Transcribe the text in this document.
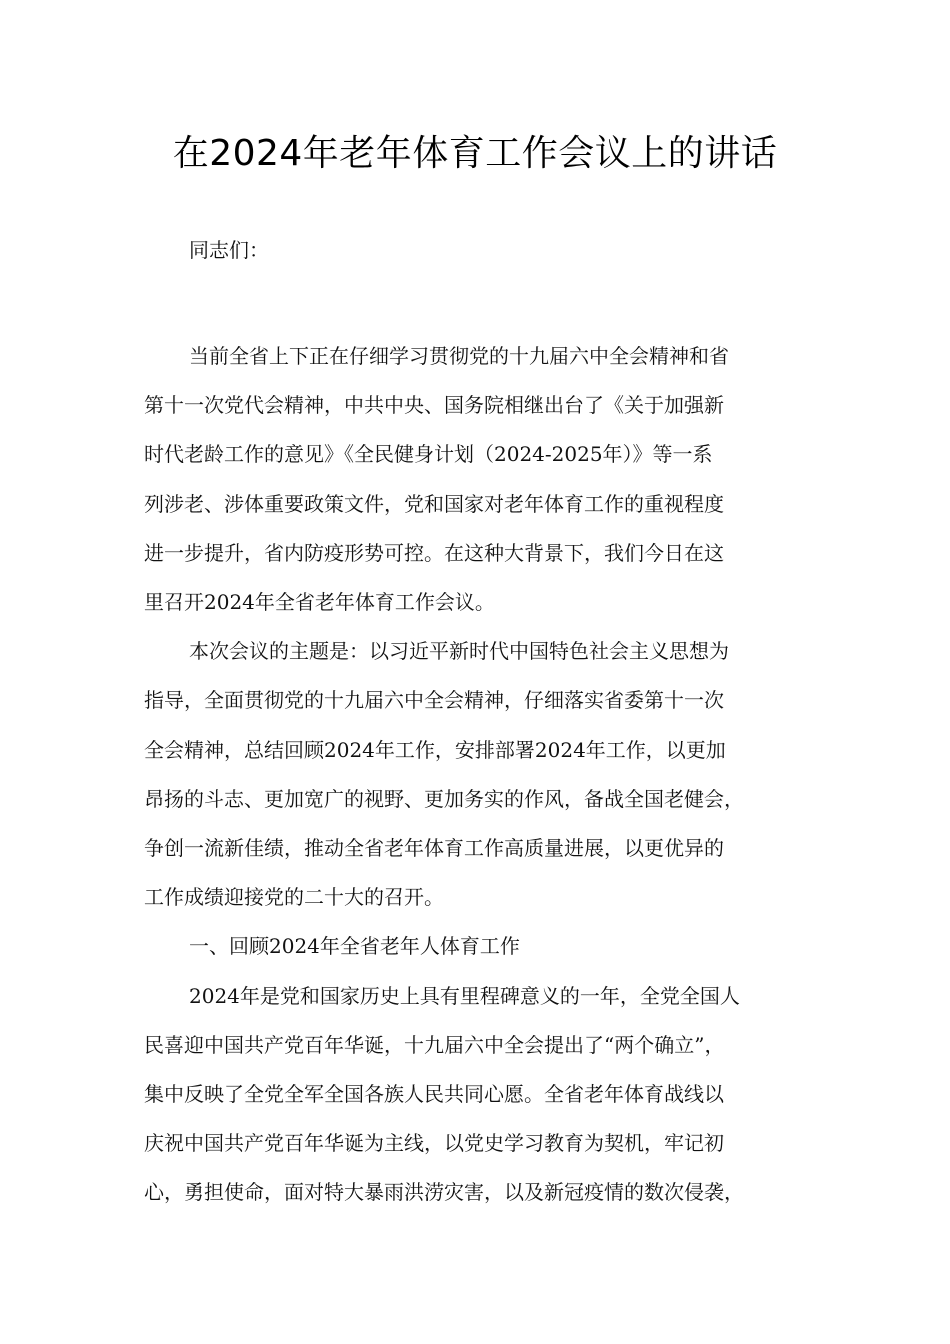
在2024年老年体育工作会议上的讲话
同志们：

当前全省上下正在仔细学习贯彻党的十九届六中全会精神和省
第十一次党代会精神，中共中央、国务院相继出台了《关于加强新
时代老龄工作的意见》《全民健身计划（2024-2025年）》等一系
列涉老、涉体重要政策文件，党和国家对老年体育工作的重视程度
进一步提升，省内防疫形势可控。在这种大背景下，我们今日在这
里召开2024年全省老年体育工作会议。

本次会议的主题是：以习近平新时代中国特色社会主义思想为
指导，全面贯彻党的十九届六中全会精神，仔细落实省委第十一次
全会精神，总结回顾2024年工作，安排部署2024年工作，以更加
昂扬的斗志、更加宽广的视野、更加务实的作风，备战全国老健会，
争创一流新佳绩，推动全省老年体育工作高质量进展，以更优异的
工作成绩迎接党的二十大的召开。

一、回顾2024年全省老年人体育工作

2024年是党和国家历史上具有里程碑意义的一年，全党全国人
民喜迎中国共产党百年华诞，十九届六中全会提出了“两个确立”，
集中反映了全党全军全国各族人民共同心愿。全省老年体育战线以
庆祝中国共产党百年华诞为主线，以党史学习教育为契机，牢记初
心，勇担使命，面对特大暴雨洪涝灾害，以及新冠疫情的数次侵袭，
